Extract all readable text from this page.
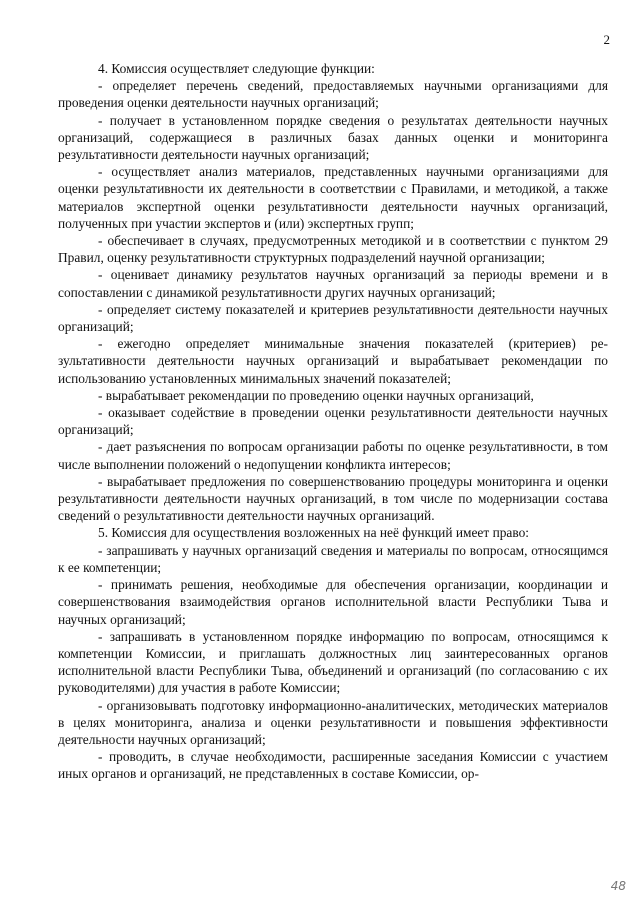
2

4. Комиссия осуществляет следующие функции:

- определяет перечень сведений, предоставляемых научными организациями для проведения оценки деятельности научных организаций;

- получает в установленном порядке сведения о результатах деятельности научных организаций, содержащиеся в различных базах данных оценки и мониторинга результативности деятельности научных организаций;

- осуществляет анализ материалов, представленных научными организациями для оценки результативности их деятельности в соответствии с Правилами, и методикой, а также материалов экспертной оценки результативности деятельности научных организаций, полученных при участии экспертов и (или) экспертных групп;

- обеспечивает в случаях, предусмотренных методикой и в соответствии с пунктом 29 Правил, оценку результативности структурных подразделений научной организации;

- оценивает динамику результатов научных организаций за периоды времени и в сопоставлении с динамикой результативности других научных организаций;

- определяет систему показателей и критериев результативности деятельности научных организаций;

- ежегодно определяет минимальные значения показателей (критериев) результативности деятельности научных организаций и вырабатывает рекомендации по использованию установленных минимальных значений показателей;

- вырабатывает рекомендации по проведению оценки научных организаций,

- оказывает содействие в проведении оценки результативности деятельности научных организаций;

- дает разъяснения по вопросам организации работы по оценке результативности, в том числе выполнении положений о недопущении конфликта интересов;

- вырабатывает предложения по совершенствованию процедуры мониторинга и оценки результативности деятельности научных организаций, в том числе по модернизации состава сведений о результативности деятельности научных организаций.

5. Комиссия для осуществления возложенных на неё функций имеет право:

- запрашивать у научных организаций сведения и материалы по вопросам, относящимся к ее компетенции;

- принимать решения, необходимые для обеспечения организации, координации и совершенствования взаимодействия органов исполнительной власти Республики Тыва и научных организаций;

- запрашивать в установленном порядке информацию по вопросам, относящимся к компетенции Комиссии, и приглашать должностных лиц заинтересованных органов исполнительной власти Республики Тыва, объединений и организаций (по согласованию с их руководителями) для участия в работе Комиссии;

- организовывать подготовку информационно-аналитических, методических материалов в целях мониторинга, анализа и оценки результативности и повышения эффективности деятельности научных организаций;

- проводить, в случае необходимости, расширенные заседания Комиссии с участием иных органов и организаций, не представленных в составе Комиссии, ор-

48
